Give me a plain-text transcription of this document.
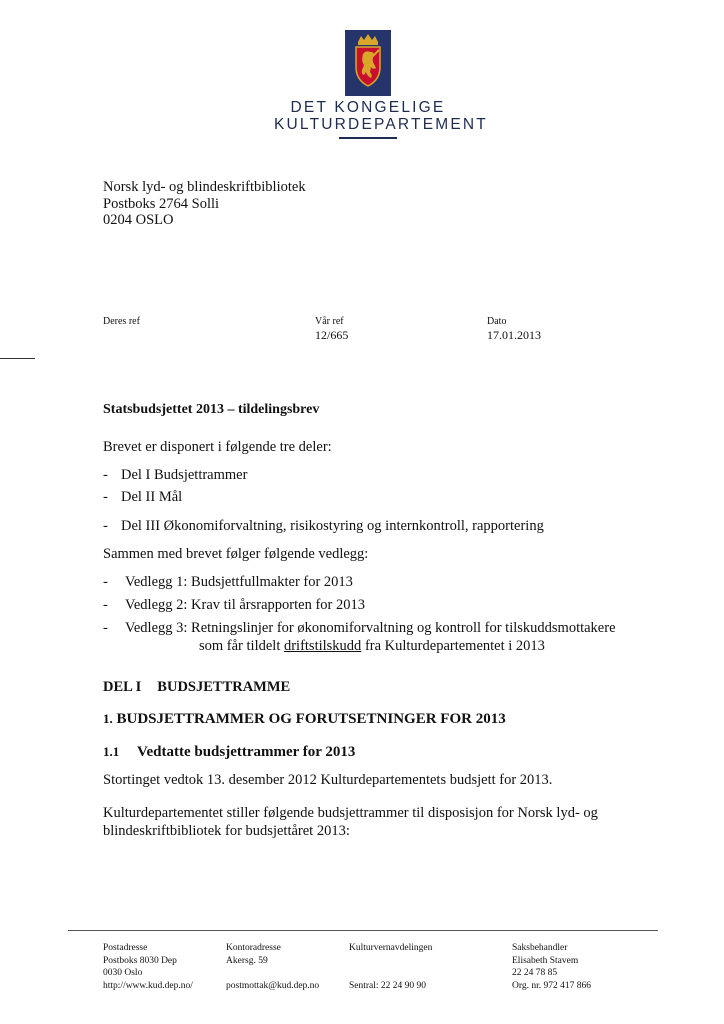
DET KONGELIGE
KULTURDEPARTEMENT
Norsk lyd- og blindeskriftbibliotek
Postboks 2764 Solli
0204 OSLO
Deres ref	Vår ref
12/665
Dato
17.01.2013
Statsbudsjettet 2013 – tildelingsbrev
Brevet er disponert i følgende tre deler:
- Del I Budsjettrammer
- Del II Mål
- Del III Økonomiforvaltning, risikostyring og internkontroll, rapportering
Sammen med brevet følger følgende vedlegg:
- Vedlegg 1: Budsjettfullmakter for 2013
- Vedlegg 2: Krav til årsrapporten for 2013
- Vedlegg 3: Retningslinjer for økonomiforvaltning og kontroll for tilskuddsmottakere
som får tildelt driftstilskudd fra Kulturdepartementet i 2013
DEL I BUDSJETTRAMME
1. BUDSJETTRAMMER OG FORUTSETNINGER FOR 2013
1.1 Vedtatte budsjettrammer for 2013
Stortinget vedtok 13. desember 2012 Kulturdepartementets budsjett for 2013.
Kulturdepartementet stiller følgende budsjettrammer til disposisjon for Norsk lyd- og
blindeskriftbibliotek for budsjettåret 2013:
Postadresse
Postboks 8030 Dep
0030 Oslo
http://www.kud.dep.no/
Kontoradresse
Akersg. 59

postmottak@kud.dep.no
Kulturvernavdelingen

Sentral: 22 24 90 90
Saksbehandler
Elisabeth Stavem
22 24 78 85
Org. nr. 972 417 866
